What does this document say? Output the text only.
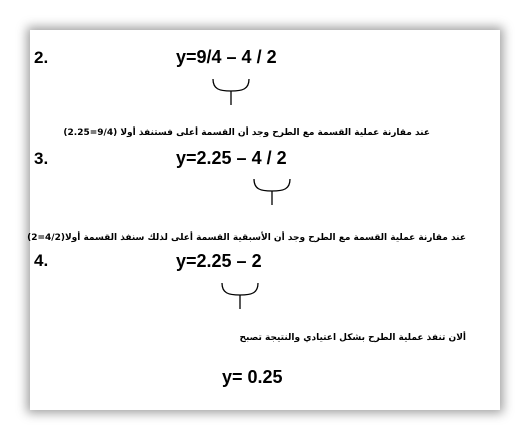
2.	y=9/4 – 4 / 2
عند مقارنة عملية القسمة مع الطرح وجد أن القسمة أعلى فستنفذ أولا (9/4=2.25)
3.	y=2.25 – 4 / 2
عند مقارنة عملية القسمة مع الطرح وجد أن الأسبقية القسمة أعلى لذلك سنفذ القسمة أولا(4/2=2)
4.	y=2.25 – 2
ألان تنفذ عملية الطرح بشكل اعتيادي والنتيجة تصبح
y= 0.25
